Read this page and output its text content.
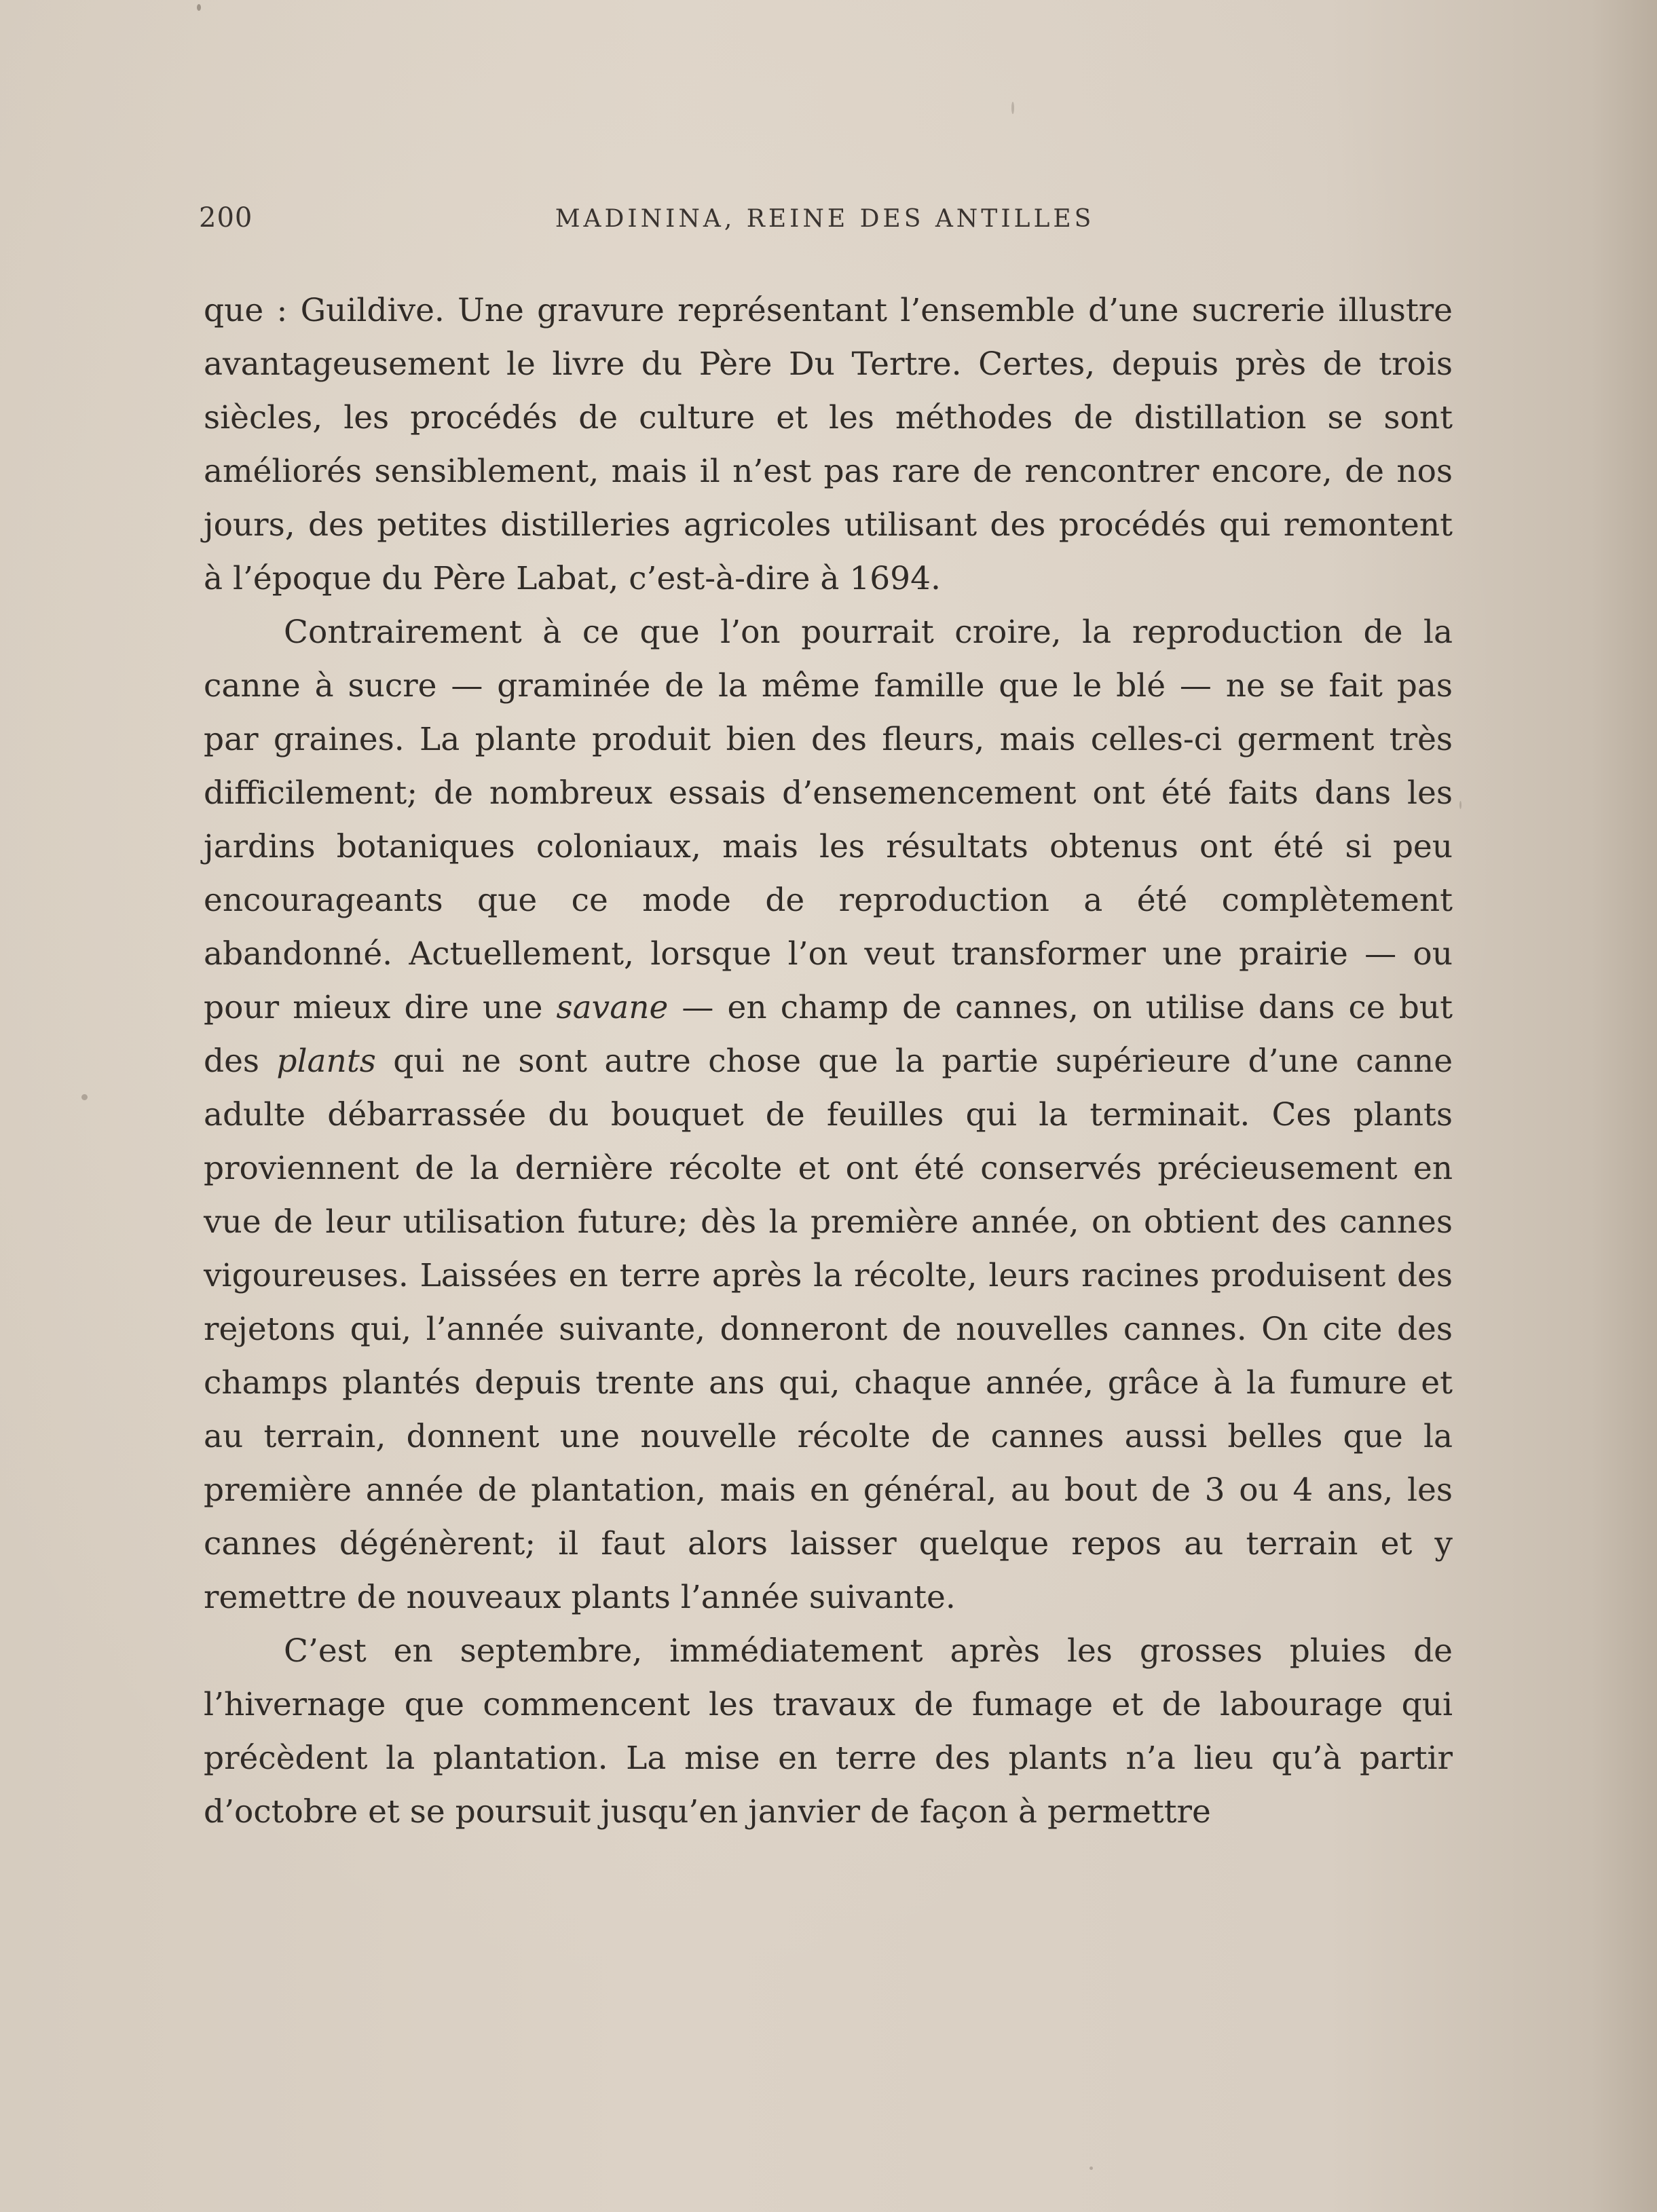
200	MADININA, REINE DES ANTILLES

que : Guildive. Une gravure représentant l’ensemble d’une sucrerie illustre avantageusement le livre du Père Du Tertre. Certes, depuis près de trois siècles, les procédés de culture et les méthodes de distillation se sont améliorés sensiblement, mais il n’est pas rare de rencontrer encore, de nos jours, des petites distilleries agricoles utilisant des procédés qui remontent à l’époque du Père Labat, c’est-à-dire à 1694.

Contrairement à ce que l’on pourrait croire, la reproduction de la canne à sucre — graminée de la même famille que le blé — ne se fait pas par graines. La plante produit bien des fleurs, mais celles-ci germent très difficilement; de nombreux essais d’ensemencement ont été faits dans les jardins botaniques coloniaux, mais les résultats obtenus ont été si peu encourageants que ce mode de reproduction a été complètement abandonné. Actuellement, lorsque l’on veut transformer une prairie — ou pour mieux dire une savane — en champ de cannes, on utilise dans ce but des plants qui ne sont autre chose que la partie supérieure d’une canne adulte débarrassée du bouquet de feuilles qui la terminait. Ces plants proviennent de la dernière récolte et ont été conservés précieusement en vue de leur utilisation future; dès la première année, on obtient des cannes vigoureuses. Laissées en terre après la récolte, leurs racines produisent des rejetons qui, l’année suivante, donneront de nouvelles cannes. On cite des champs plantés depuis trente ans qui, chaque année, grâce à la fumure et au terrain, donnent une nouvelle récolte de cannes aussi belles que la première année de plantation, mais en général, au bout de 3 ou 4 ans, les cannes dégénèrent; il faut alors laisser quelque repos au terrain et y remettre de nouveaux plants l’année suivante.

C’est en septembre, immédiatement après les grosses pluies de l’hivernage que commencent les travaux de fumage et de labourage qui précèdent la plantation. La mise en terre des plants n’a lieu qu’à partir d’octobre et se poursuit jusqu’en janvier de façon à permettre
